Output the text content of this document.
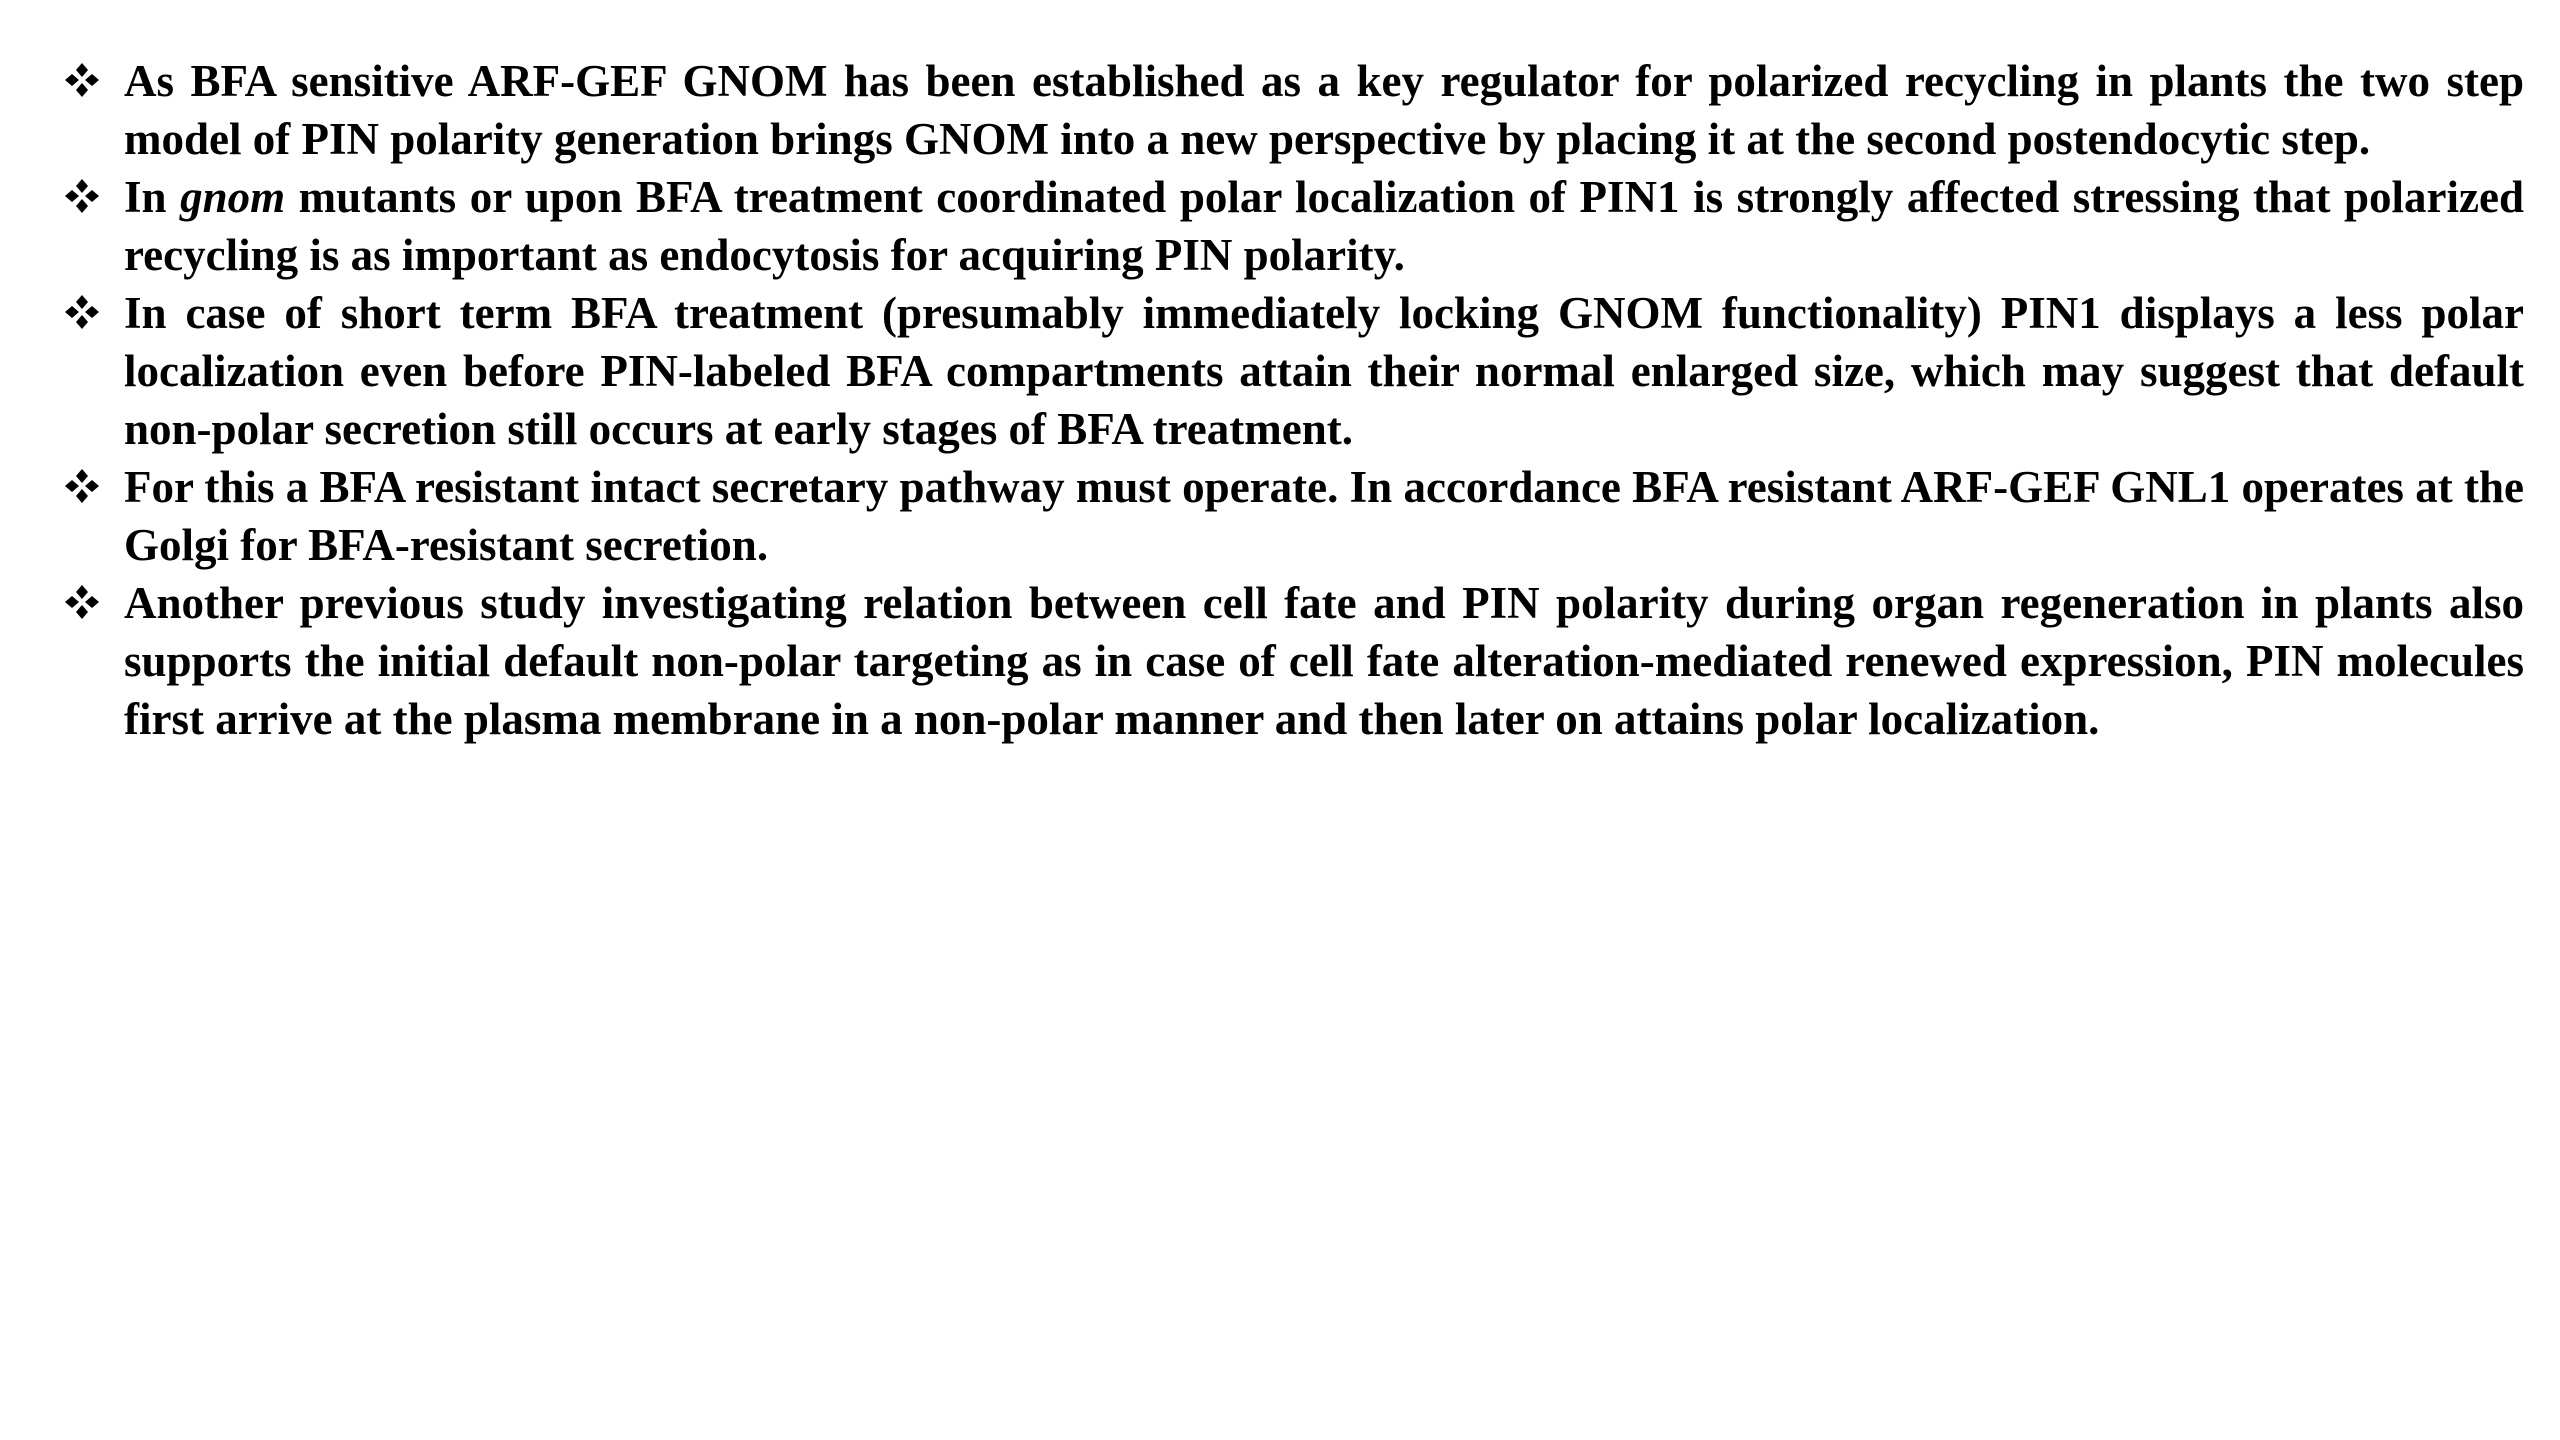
As BFA sensitive ARF-GEF GNOM has been established as a key regulator for polarized recycling in plants the two step model of PIN polarity generation brings GNOM into a new perspective by placing it at the second postendocytic step.
In gnom mutants or upon BFA treatment coordinated polar localization of PIN1 is strongly affected stressing that polarized recycling is as important as endocytosis for acquiring PIN polarity.
In case of short term BFA treatment (presumably immediately locking GNOM functionality) PIN1 displays a less polar localization even before PIN-labeled BFA compartments attain their normal enlarged size, which may suggest that default non-polar secretion still occurs at early stages of BFA treatment.
For this a BFA resistant intact secretary pathway must operate. In accordance BFA resistant ARF-GEF GNL1 operates at the Golgi for BFA-resistant secretion.
Another previous study investigating relation between cell fate and PIN polarity during organ regeneration in plants also supports the initial default non-polar targeting as in case of cell fate alteration-mediated renewed expression, PIN molecules first arrive at the plasma membrane in a non-polar manner and then later on attains polar localization.
